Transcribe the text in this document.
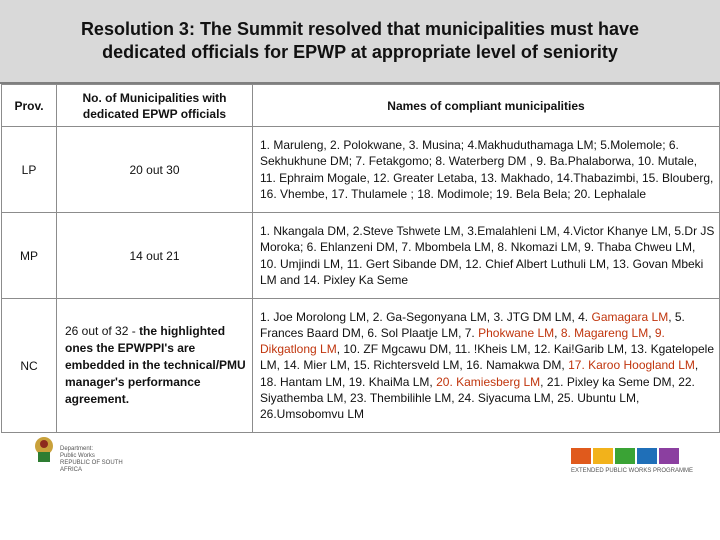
Resolution 3: The Summit resolved that municipalities must have
dedicated officials for EPWP at appropriate level of seniority
Department:
Public Works
REPUBLIC OF SOUTH AFRICA	EXTENDED PUBLIC WORKS PROGRAMME
Prov.	No. of Municipalities with dedicated EPWP officials	Names of compliant municipalities
LP	20 out 30	1. Maruleng, 2. Polokwane, 3. Musina; 4.Makhuduthamaga LM; 5.Molemole; 6. Sekhukhune DM; 7. Fetakgomo; 8. Waterberg DM , 9. Ba.Phalaborwa, 10. Mutale, 11. Ephraim Mogale, 12. Greater Letaba, 13. Makhado, 14.Thabazimbi, 15. Blouberg, 16. Vhembe, 17. Thulamele ; 18. Modimole; 19. Bela Bela; 20. Lephalale
MP	14 out 21	1. Nkangala DM, 2.Steve Tshwete LM, 3.Emalahleni LM, 4.Victor Khanye LM, 5.Dr JS Moroka; 6. Ehlanzeni DM, 7. Mbombela LM, 8. Nkomazi LM, 9. Thaba Chweu LM, 10. Umjindi LM, 11. Gert Sibande DM, 12. Chief Albert Luthuli LM, 13. Govan Mbeki LM and 14. Pixley Ka Seme
NC	26 out of 32 - the highlighted ones the EPWPPI's are embedded in the technical/PMU manager's performance agreement.	1. Joe Morolong LM, 2. Ga-Segonyana LM, 3. JTG DM LM, 4. Gamagara LM, 5. Frances Baard DM, 6. Sol Plaatje LM, 7. Phokwane LM, 8. Magareng LM, 9. Dikgatlong LM, 10. ZF Mgcawu DM, 11. !Kheis LM, 12. Kai!Garib LM, 13. Kgatelopele LM, 14. Mier LM, 15. Richtersveld LM, 16. Namakwa DM, 17. Karoo Hoogland LM, 18. Hantam LM, 19. KhaiMa LM, 20. Kamiesberg LM, 21. Pixley ka Seme DM, 22. Siyathemba LM, 23. Thembilihle LM, 24. Siyacuma LM, 25. Ubuntu LM, 26.Umsobomvu LM
